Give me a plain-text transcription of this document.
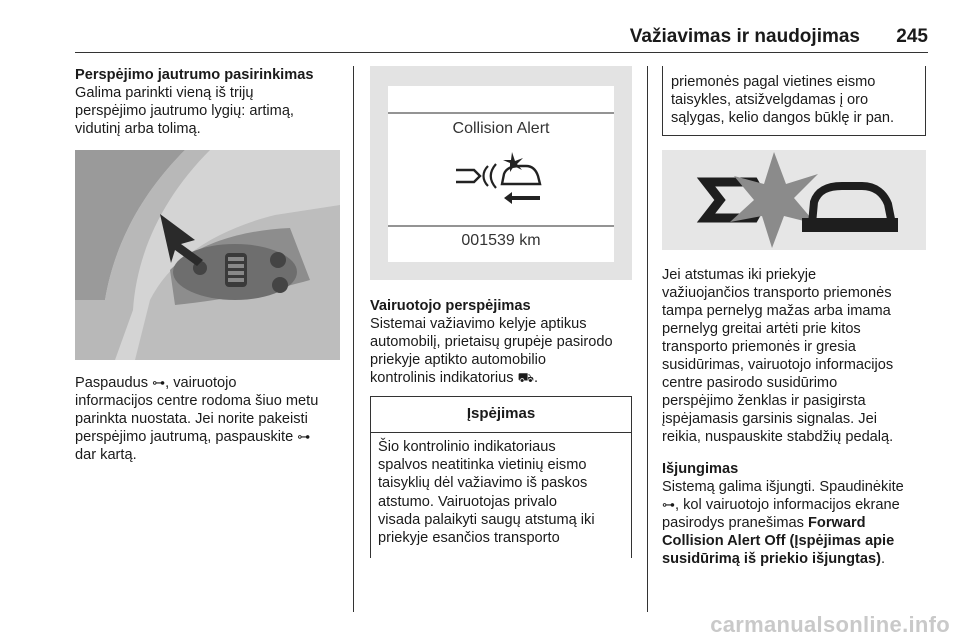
Važiavimas ir naudojimas	245
Perspėjimo jautrumo pasirinkimas
Galima parinkti vieną iš trijų
perspėjimo jautrumo lygių: artimą,
vidutinį arba tolimą.
Paspaudus ⊶, vairuotojo
informacijos centre rodoma šiuo metu
parinkta nuostata. Jei norite pakeisti
perspėjimo jautrumą, paspauskite ⊶
dar kartą.
Collision Alert
001539 km
Vairuotojo perspėjimas
Sistemai važiavimo kelyje aptikus
automobilį, prietaisų grupėje pasirodo
priekyje aptikto automobilio
kontrolinis indikatorius ⛟.
Įspėjimas
Šio kontrolinio indikatoriaus
spalvos neatitinka vietinių eismo
taisyklių dėl važiavimo iš paskos
atstumo. Vairuotojas privalo
visada palaikyti saugų atstumą iki
priekyje esančios transporto
priemonės pagal vietines eismo
taisykles, atsižvelgdamas į oro
sąlygas, kelio dangos būklę ir pan.
Jei atstumas iki priekyje
važiuojančios transporto priemonės
tampa pernelyg mažas arba imama
pernelyg greitai artėti prie kitos
transporto priemonės ir gresia
susidūrimas, vairuotojo informacijos
centre pasirodo susidūrimo
perspėjimo ženklas ir pasigirsta
įspėjamasis garsinis signalas. Jei
reikia, nuspauskite stabdžių pedalą.
Išjungimas
Sistemą galima išjungti. Spaudinėkite
⊶, kol vairuotojo informacijos ekrane
pasirodys pranešimas Forward
Collision Alert Off (Įspėjimas apie
susidūrimą iš priekio išjungtas).
carmanualsonline.info
